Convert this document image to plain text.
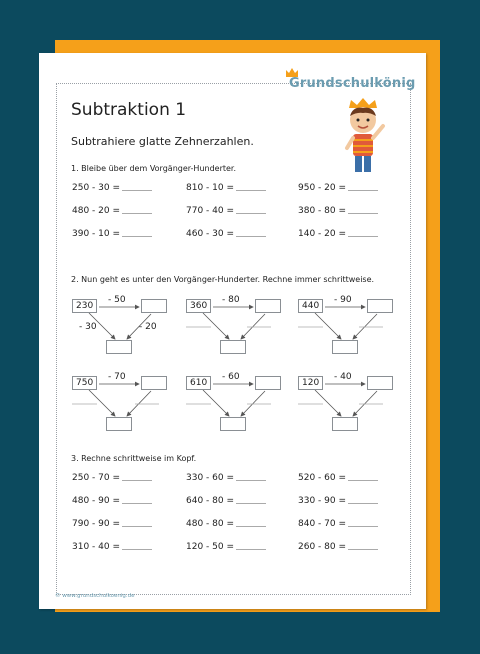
Grundschulkönig
Subtraktion 1
Subtrahiere glatte Zehnerzahlen.
1. Bleibe über dem Vorgänger-Hunderter.
250 - 30 =	810 - 10 =	950 - 20 =
480 - 20 =	770 - 40 =	380 - 80 =
390 - 10 =	460 - 30 =	140 - 20 =
2. Nun geht es unter den Vorgänger-Hunderter. Rechne immer schrittweise.
230
- 50
- 30	- 20
360
- 80
440
- 90
750
- 70
610
- 60
120
- 40
3. Rechne schrittweise im Kopf.
250 - 70 =	330 - 60 =	520 - 60 =
480 - 90 =	640 - 80 =	330 - 90 =
790 - 90 =	480 - 80 =	840 - 70 =
310 - 40 =	120 - 50 =	260 - 80 =
© www.grundschulkoenig.de
